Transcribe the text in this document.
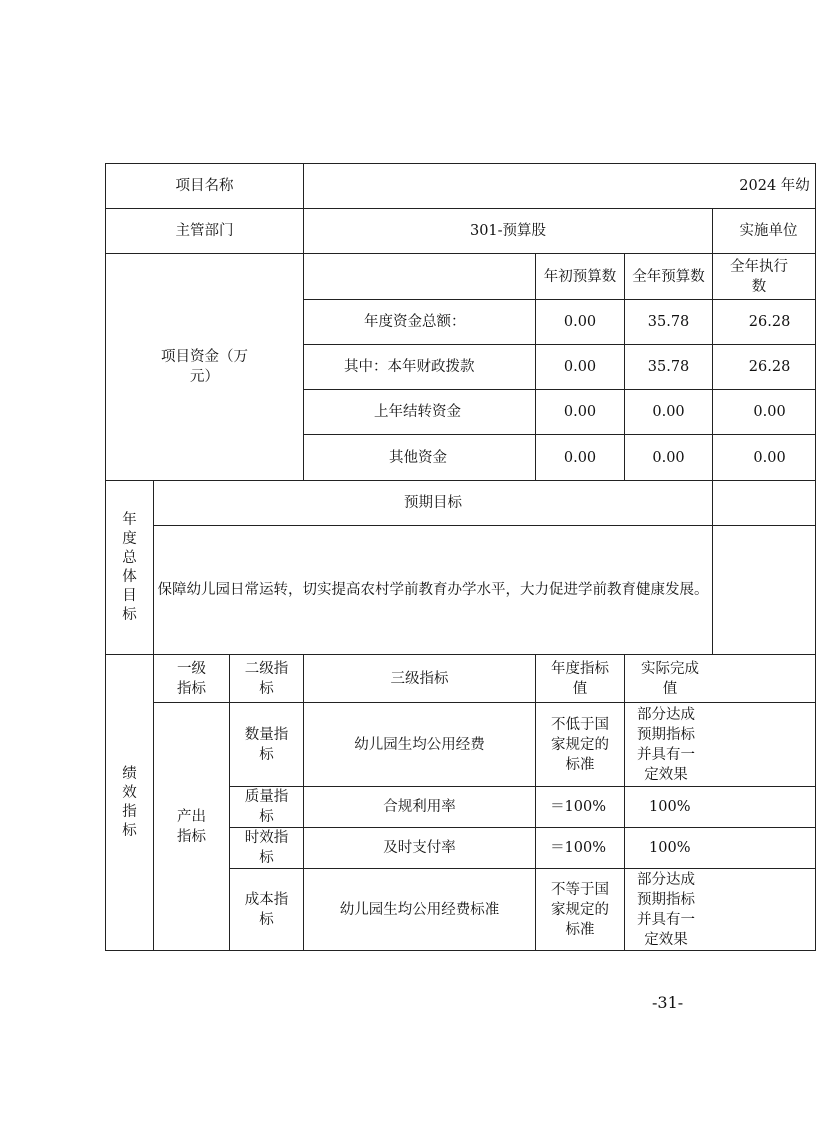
项目名称			2024 年幼			
主管部门			301-预算股			实施单位
项目资金（万元）				年初预算数	全年预算数	全年执行数
			年度资金总额：	0.00	35.78	26.28
			其中：本年财政拨款	0.00	35.78	26.28
			上年结转资金	0.00	0.00	0.00
			其他资金	0.00	0.00	0.00
年度总体目标	预期目标					
	保障幼儿园日常运转，切实提高农村学前教育办学水平，大力促进学前教育健康发展。					
绩效指标	一级指标	二级指标	三级指标	年度指标值	实际完成值	
	产出指标	数量指标	幼儿园生均公用经费	不低于国家规定的标准	部分达成预期指标并具有一定效果	
		质量指标	合规利用率	＝100%	100%	
		时效指标	及时支付率	＝100%	100%	
		成本指标	幼儿园生均公用经费标准	不等于国家规定的标准	部分达成预期指标并具有一定效果	
-31-
